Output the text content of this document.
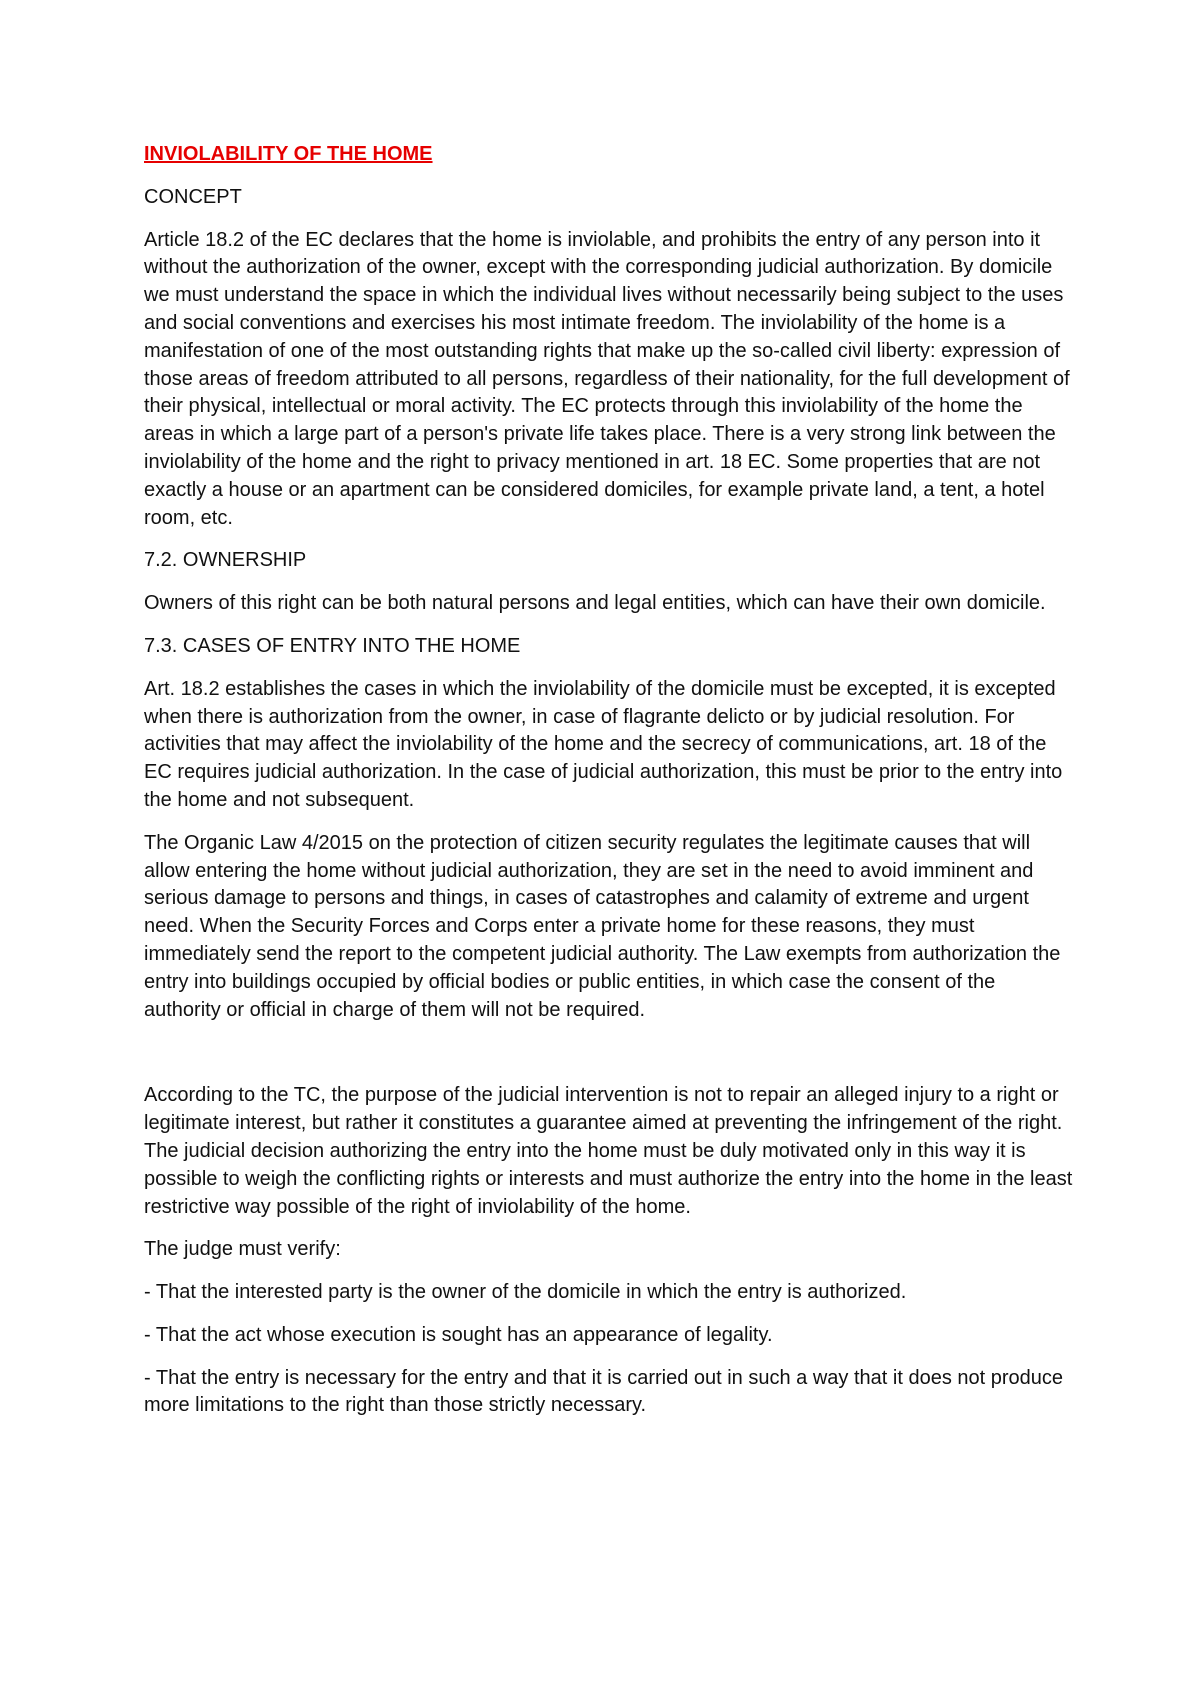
INVIOLABILITY OF THE HOME

CONCEPT

Article 18.2 of the EC declares that the home is inviolable, and prohibits the entry of any person into it without the authorization of the owner, except with the corresponding judicial authorization. By domicile we must understand the space in which the individual lives without necessarily being subject to the uses and social conventions and exercises his most intimate freedom. The inviolability of the home is a manifestation of one of the most outstanding rights that make up the so-called civil liberty: expression of those areas of freedom attributed to all persons, regardless of their nationality, for the full development of their physical, intellectual or moral activity. The EC protects through this inviolability of the home the areas in which a large part of a person's private life takes place. There is a very strong link between the inviolability of the home and the right to privacy mentioned in art. 18 EC. Some properties that are not exactly a house or an apartment can be considered domiciles, for example private land, a tent, a hotel room, etc.

7.2. OWNERSHIP

Owners of this right can be both natural persons and legal entities, which can have their own domicile.

7.3. CASES OF ENTRY INTO THE HOME

Art. 18.2 establishes the cases in which the inviolability of the domicile must be excepted, it is excepted when there is authorization from the owner, in case of flagrante delicto or by judicial resolution. For activities that may affect the inviolability of the home and the secrecy of communications, art. 18 of the EC requires judicial authorization. In the case of judicial authorization, this must be prior to the entry into the home and not subsequent.

The Organic Law 4/2015 on the protection of citizen security regulates the legitimate causes that will allow entering the home without judicial authorization, they are set in the need to avoid imminent and serious damage to persons and things, in cases of catastrophes and calamity of extreme and urgent need. When the Security Forces and Corps enter a private home for these reasons, they must immediately send the report to the competent judicial authority. The Law exempts from authorization the entry into buildings occupied by official bodies or public entities, in which case the consent of the authority or official in charge of them will not be required.

According to the TC, the purpose of the judicial intervention is not to repair an alleged injury to a right or legitimate interest, but rather it constitutes a guarantee aimed at preventing the infringement of the right. The judicial decision authorizing the entry into the home must be duly motivated only in this way it is possible to weigh the conflicting rights or interests and must authorize the entry into the home in the least restrictive way possible of the right of inviolability of the home.

The judge must verify:

- That the interested party is the owner of the domicile in which the entry is authorized.

- That the act whose execution is sought has an appearance of legality.

- That the entry is necessary for the entry and that it is carried out in such a way that it does not produce more limitations to the right than those strictly necessary.
